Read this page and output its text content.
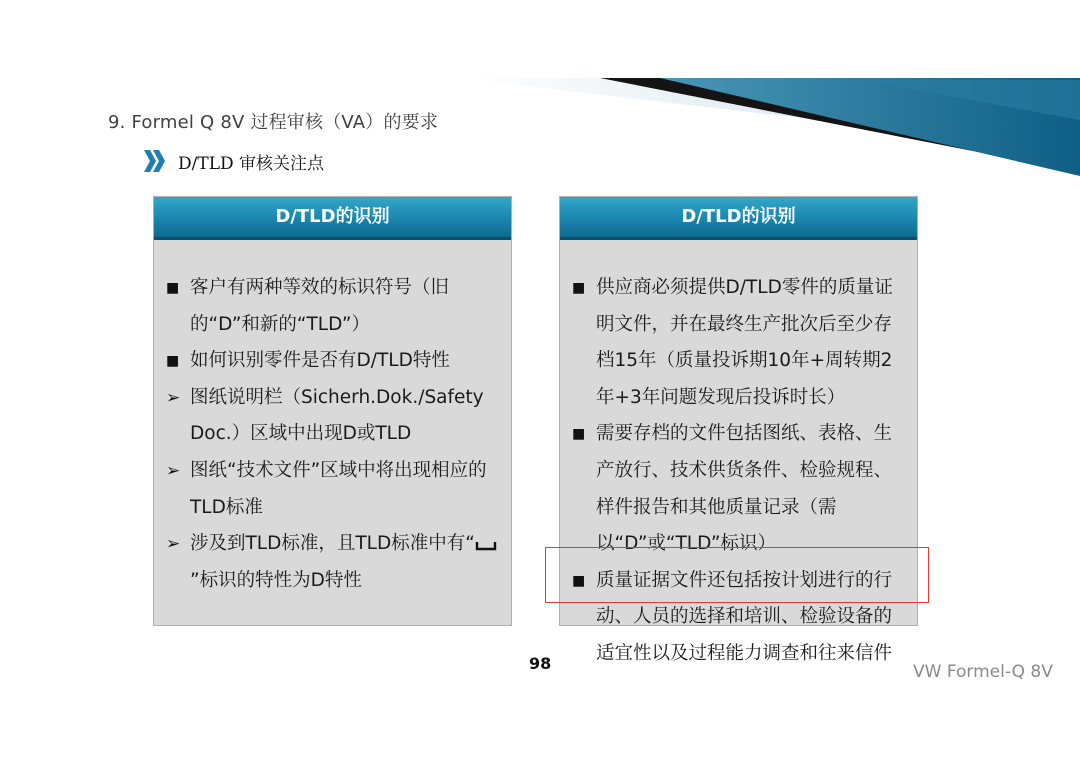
9. Formel Q 8V 过程审核（VA）的要求
D/TLD 审核关注点
D/TLD的识别
■ 客户有两种等效的标识符号（旧的“D”和新的“TLD”）
■ 如何识别零件是否有D/TLD特性
➢ 图纸说明栏（Sicherh.Dok./Safety Doc.）区域中出现D或TLD
➢ 图纸“技术文件”区域中将出现相应的TLD标准
➢ 涉及到TLD标准，且TLD标准中有“”标识的特性为D特性
D/TLD的识别
■ 供应商必须提供D/TLD零件的质量证明文件，并在最终生产批次后至少存档15年（质量投诉期10年+周转期2年+3年问题发现后投诉时长）
■ 需要存档的文件包括图纸、表格、生产放行、技术供货条件、检验规程、样件报告和其他质量记录（需以“D”或“TLD”标识）
■ 质量证据文件还包括按计划进行的行动、人员的选择和培训、检验设备的适宜性以及过程能力调查和往来信件
98	VW Formel-Q 8V
